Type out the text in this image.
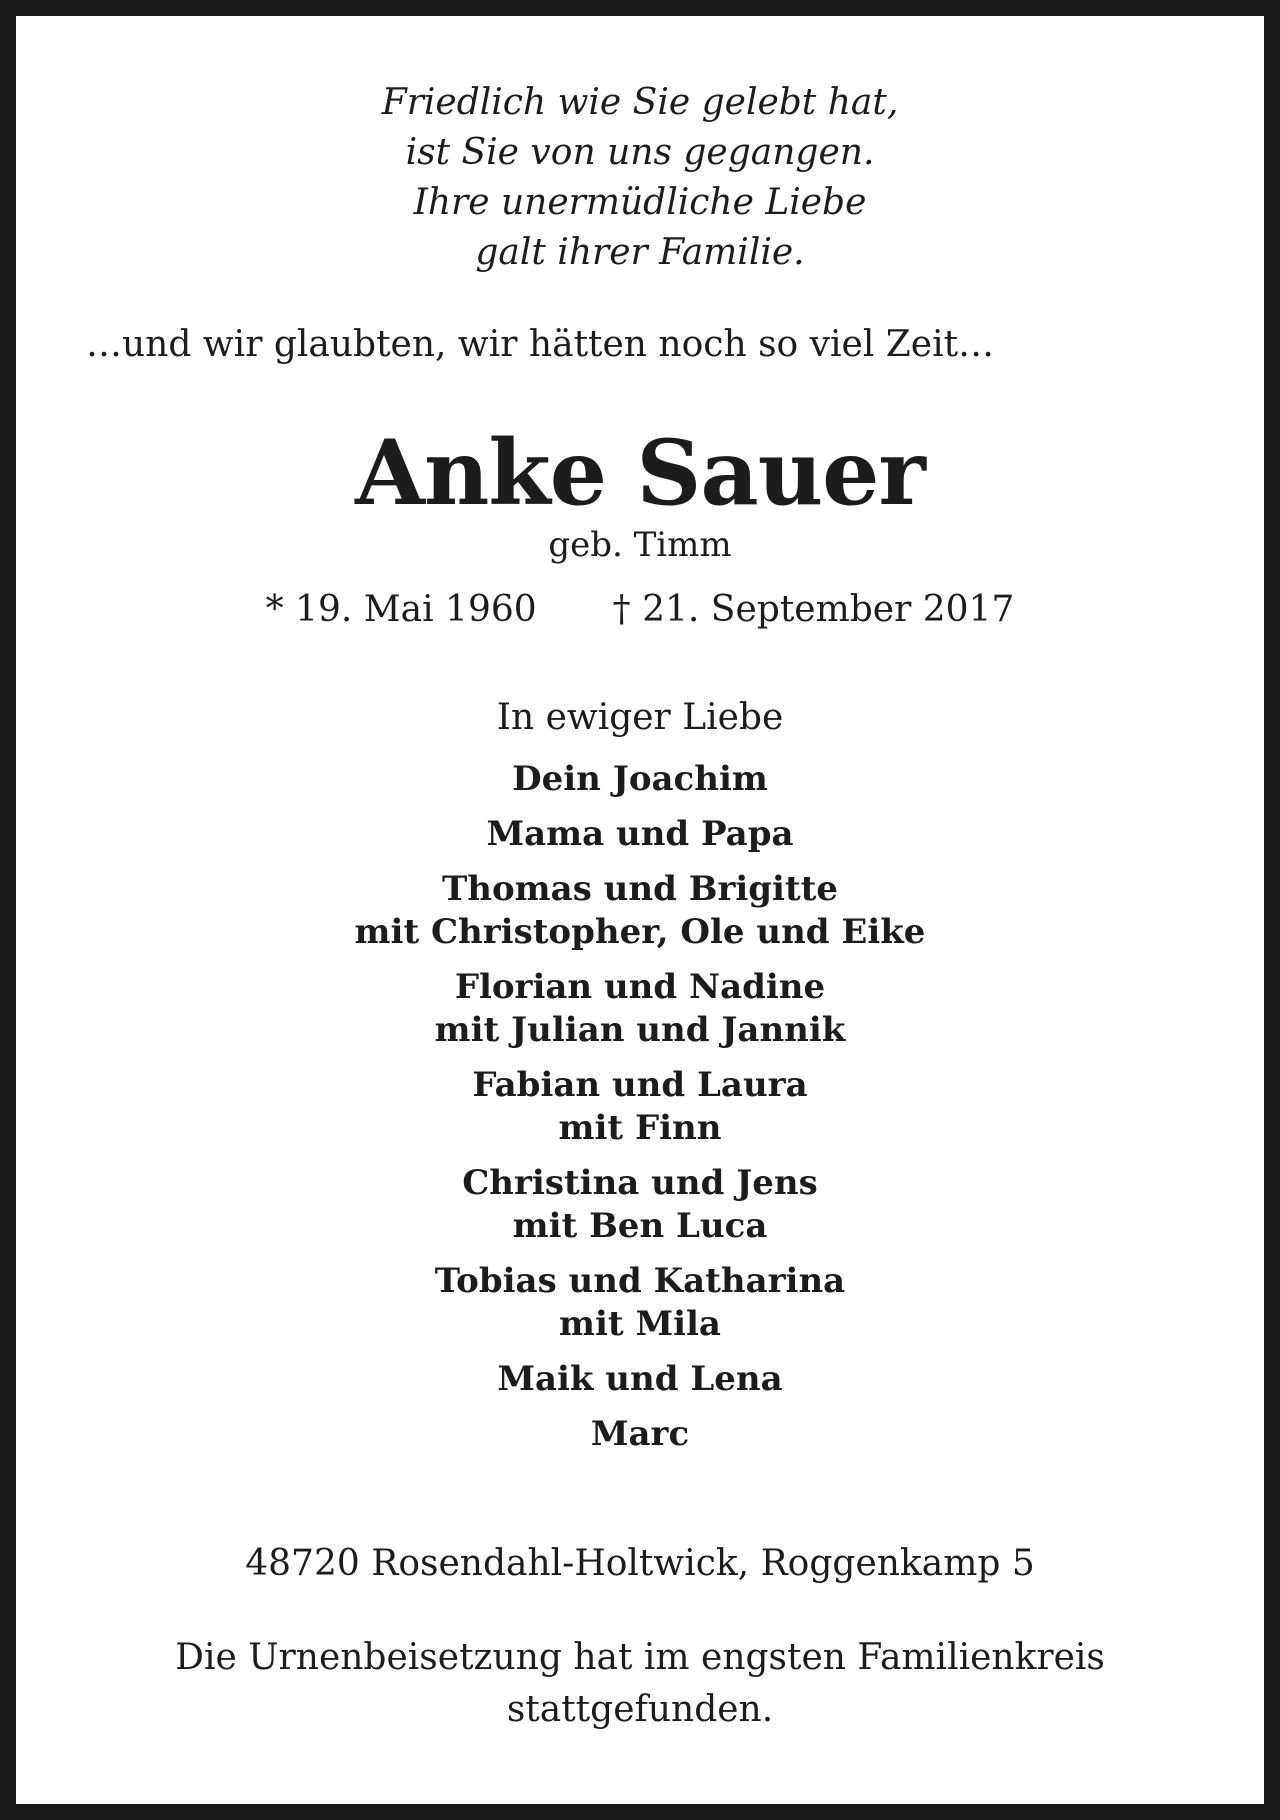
Friedlich wie Sie gelebt hat,
ist Sie von uns gegangen.
Ihre unermüdliche Liebe
galt ihrer Familie.
…und wir glaubten, wir hätten noch so viel Zeit…
Anke Sauer
geb. Timm
* 19. Mai 1960 † 21. September 2017
In ewiger Liebe
Dein Joachim
Mama und Papa
Thomas und Brigitte
mit Christopher, Ole und Eike
Florian und Nadine
mit Julian und Jannik
Fabian und Laura
mit Finn
Christina und Jens
mit Ben Luca
Tobias und Katharina
mit Mila
Maik und Lena
Marc
48720 Rosendahl-Holtwick, Roggenkamp 5
Die Urnenbeisetzung hat im engsten Familienkreis
stattgefunden.
